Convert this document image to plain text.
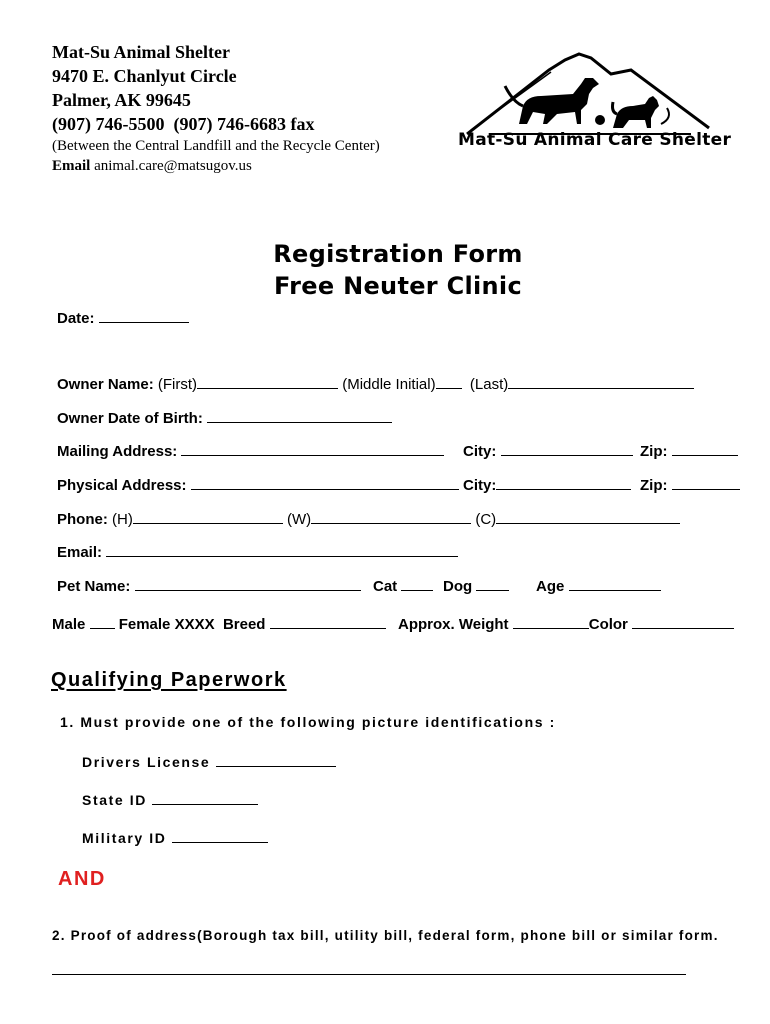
Mat-Su Animal Shelter
9470 E. Chanlyut Circle
Palmer, AK 99645
(907) 746-5500  (907) 746-6683 fax
(Between the Central Landfill and the Recycle Center)
Email animal.care@matsugov.us

Mat-Su Animal Care Shelter
Registration Form
Free Neuter Clinic
Date:
Owner Name: (First)	(Middle Initial) (Last)
Owner Date of Birth:
Mailing Address:	City:	Zip:
Physical Address:	City:	Zip:
Phone: (H)	(W)	(C)
Email:
Pet Name:	Cat	Dog	Age
Male Female XXXX Breed	Approx. Weight	Color
Qualifying Paperwork
1. Must provide one of the following picture identifications :
Drivers License
State ID
Military ID
AND
2. Proof of address(Borough tax bill, utility bill, federal form, phone bill or similar form.
